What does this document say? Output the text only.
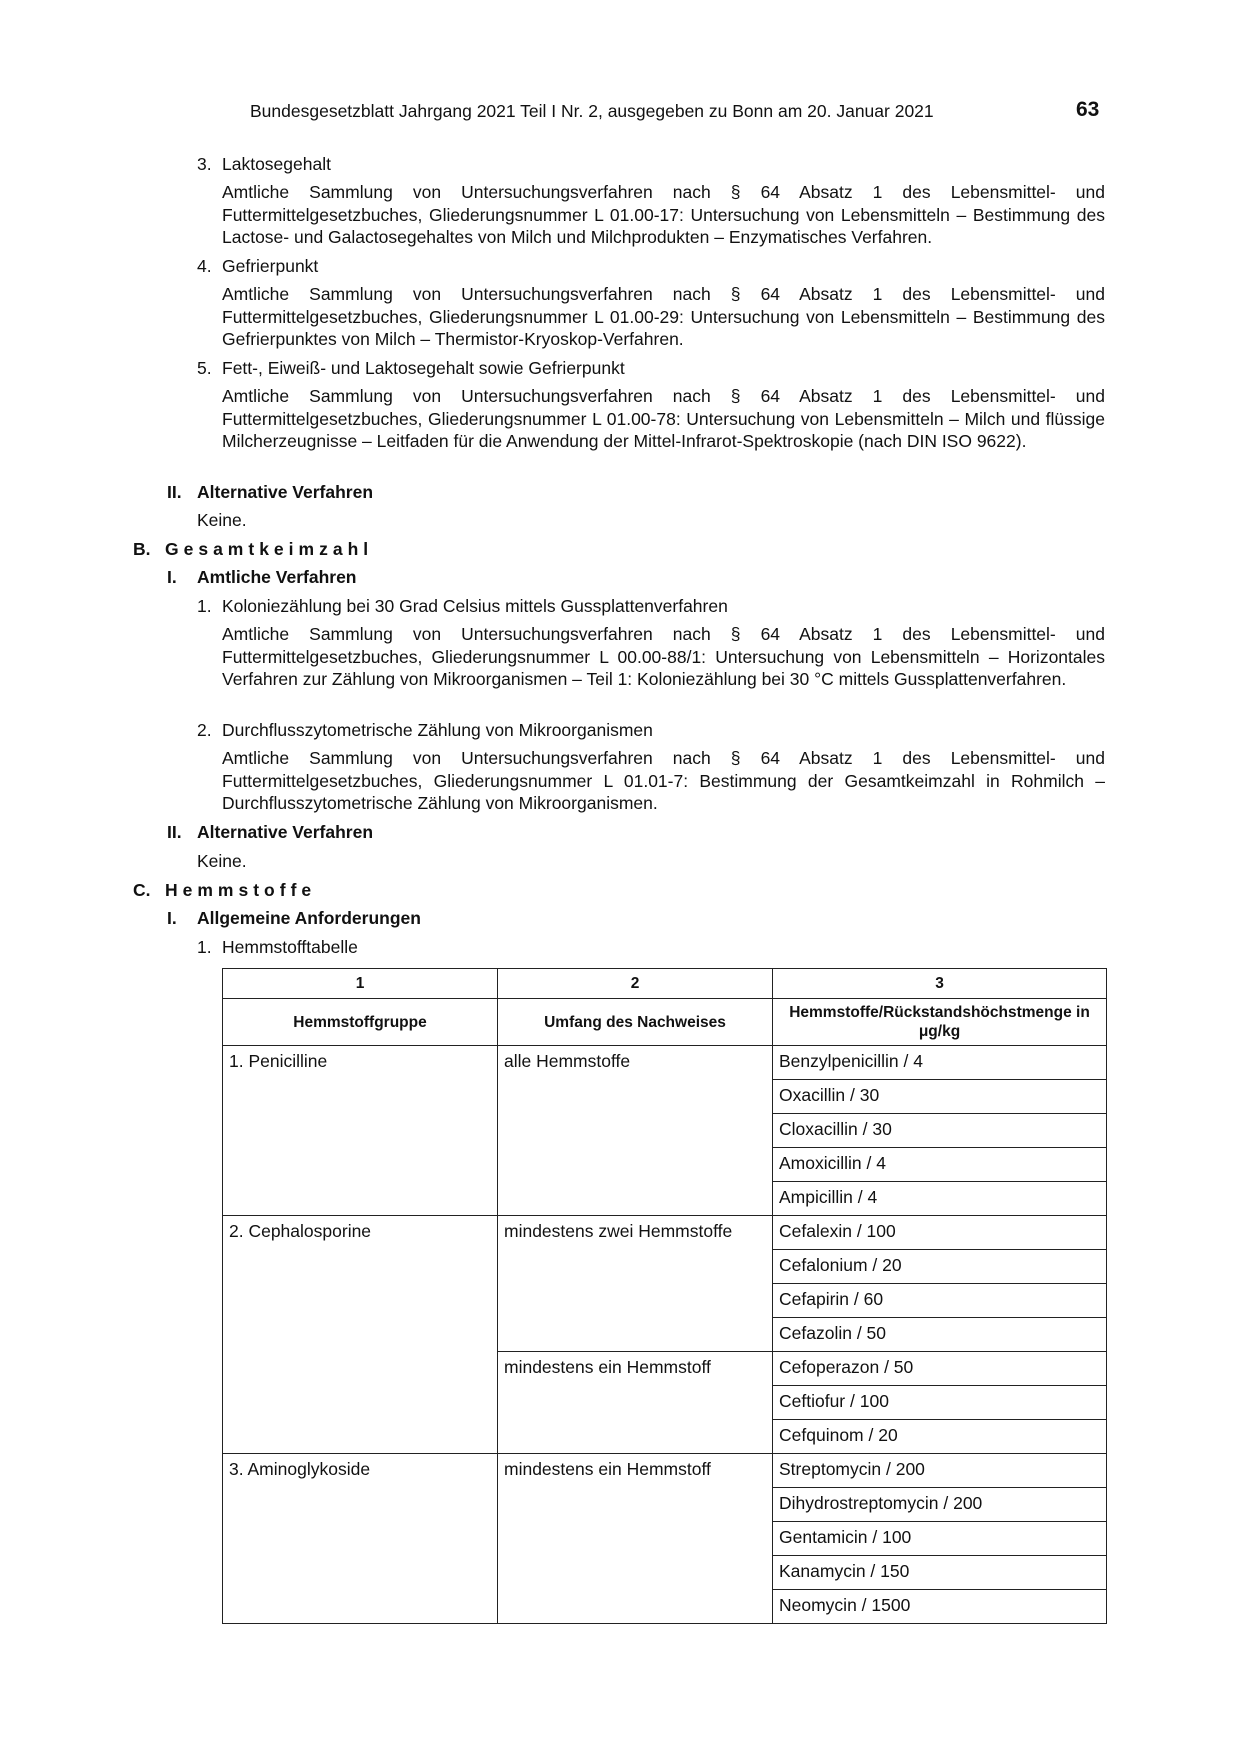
Bundesgesetzblatt Jahrgang 2021 Teil I Nr. 2, ausgegeben zu Bonn am 20. Januar 2021	63
3. Laktosegehalt

Amtliche Sammlung von Untersuchungsverfahren nach § 64 Absatz 1 des Lebensmittel- und Futtermittelgesetzbuches, Gliederungsnummer L 01.00-17: Untersuchung von Lebensmitteln – Bestimmung des Lactose- und Galactosegehaltes von Milch und Milchprodukten – Enzymatisches Verfahren.

4. Gefrierpunkt

Amtliche Sammlung von Untersuchungsverfahren nach § 64 Absatz 1 des Lebensmittel- und Futtermittelgesetzbuches, Gliederungsnummer L 01.00-29: Untersuchung von Lebensmitteln – Bestimmung des Gefrierpunktes von Milch – Thermistor-Kryoskop-Verfahren.

5. Fett-, Eiweiß- und Laktosegehalt sowie Gefrierpunkt

Amtliche Sammlung von Untersuchungsverfahren nach § 64 Absatz 1 des Lebensmittel- und Futtermittelgesetzbuches, Gliederungsnummer L 01.00-78: Untersuchung von Lebensmitteln – Milch und flüssige Milcherzeugnisse – Leitfaden für die Anwendung der Mittel-Infrarot-Spektroskopie (nach DIN ISO 9622).

II. Alternative Verfahren
Keine.
B. Gesamtkeimzahl
I. Amtliche Verfahren
1. Koloniezählung bei 30 Grad Celsius mittels Gussplattenverfahren

Amtliche Sammlung von Untersuchungsverfahren nach § 64 Absatz 1 des Lebensmittel- und Futtermittelgesetzbuches, Gliederungsnummer L 00.00-88/1: Untersuchung von Lebensmitteln – Horizontales Verfahren zur Zählung von Mikroorganismen – Teil 1: Koloniezählung bei 30 °C mittels Gussplattenverfahren.

2. Durchflusszytometrische Zählung von Mikroorganismen

Amtliche Sammlung von Untersuchungsverfahren nach § 64 Absatz 1 des Lebensmittel- und Futtermittelgesetzbuches, Gliederungsnummer L 01.01-7: Bestimmung der Gesamtkeimzahl in Rohmilch – Durchflusszytometrische Zählung von Mikroorganismen.

II. Alternative Verfahren
Keine.
C. Hemmstoffe
I. Allgemeine Anforderungen
1. Hemmstofftabelle
1	2	3
Hemmstoffgruppe	Umfang des Nachweises	Hemmstoffe/Rückstandshöchstmenge in μg/kg
1. Penicilline	alle Hemmstoffe	Benzylpenicillin / 4
		Oxacillin / 30
		Cloxacillin / 30
		Amoxicillin / 4
		Ampicillin / 4
2. Cephalosporine	mindestens zwei Hemmstoffe	Cefalexin / 100
		Cefalonium / 20
		Cefapirin / 60
		Cefazolin / 50
	mindestens ein Hemmstoff	Cefoperazon / 50
		Ceftiofur / 100
		Cefquinom / 20
3. Aminoglykoside	mindestens ein Hemmstoff	Streptomycin / 200
		Dihydrostreptomycin / 200
		Gentamicin / 100
		Kanamycin / 150
		Neomycin / 1500
